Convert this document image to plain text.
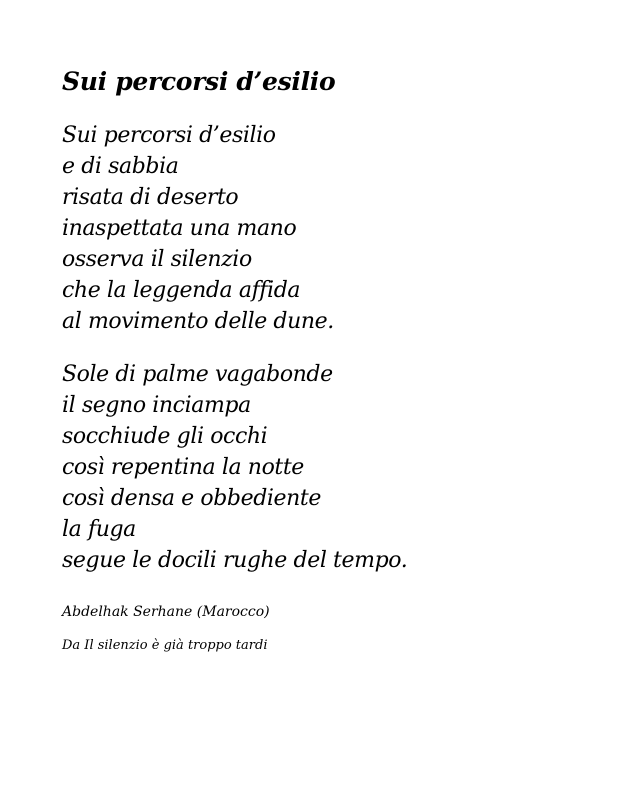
Sui percorsi d’esilio
Sui percorsi d’esilio
e di sabbia
risata di deserto
inaspettata una mano
osserva il silenzio
che la leggenda affida
al movimento delle dune.
Sole di palme vagabonde
il segno inciampa
socchiude gli occhi
così repentina la notte
così densa e obbediente
la fuga
segue le docili rughe del tempo.
Abdelhak Serhane (Marocco)
Da Il silenzio è già troppo tardi
